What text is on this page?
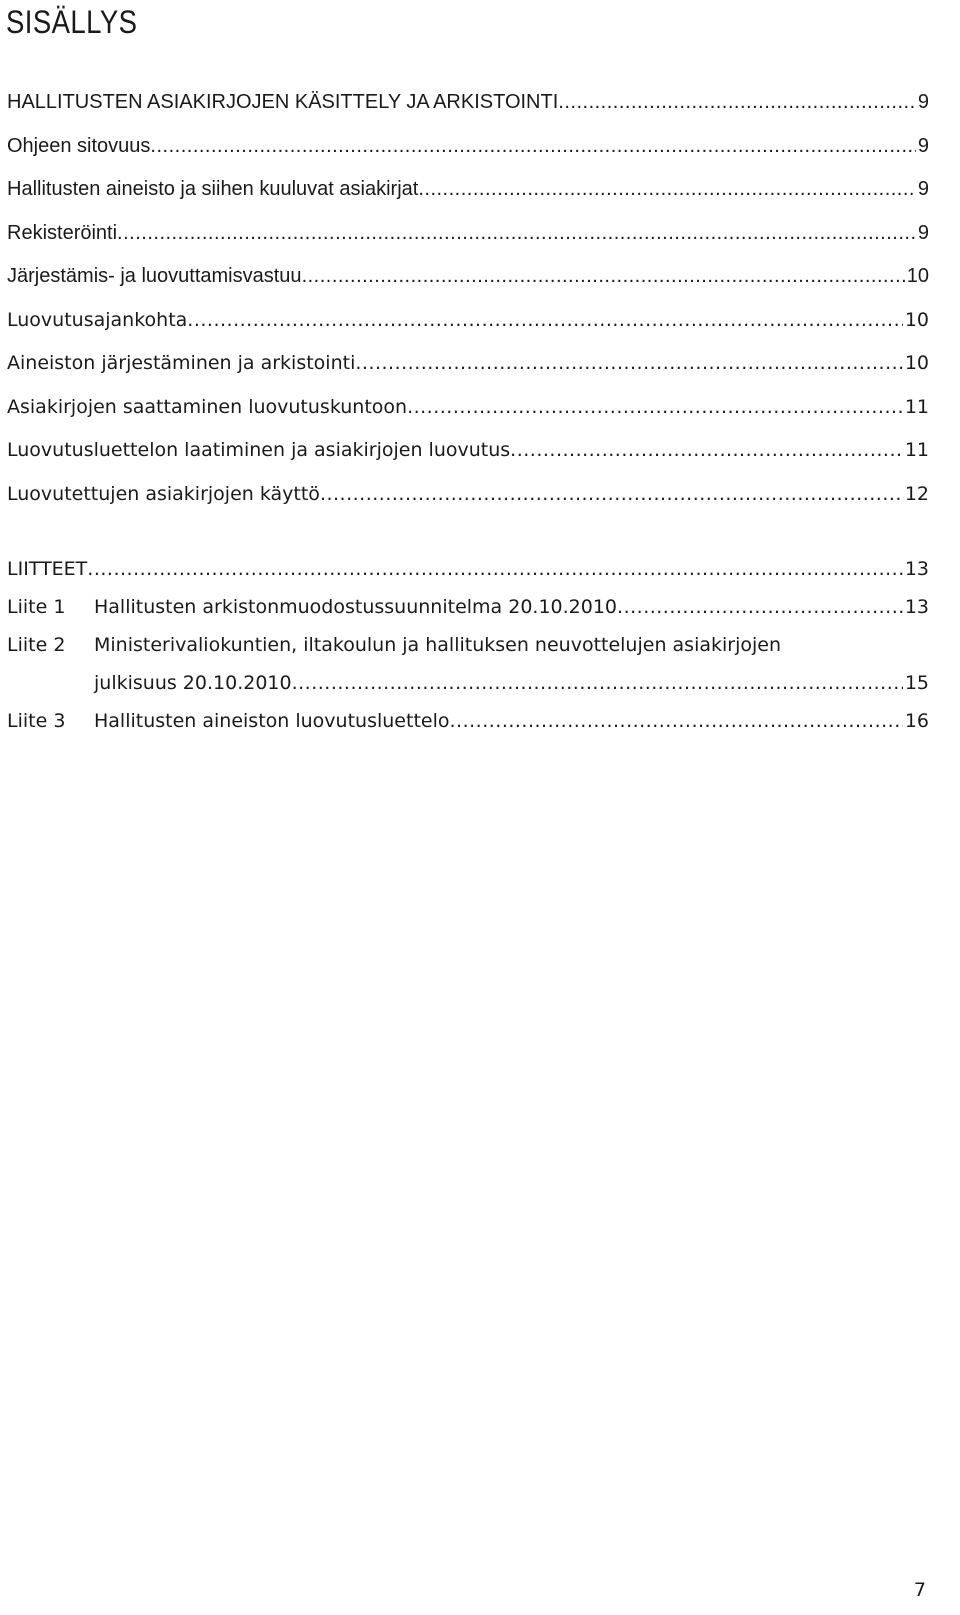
SISÄLLYS
HALLITUSTEN ASIAKIRJOJEN KÄSITTELY JA ARKISTOINTI .....	9
Ohjeen sitovuus .....	9
Hallitusten aineisto ja siihen kuuluvat asiakirjat .....	9
Rekisteröinti .....	9
Järjestämis- ja luovuttamisvastuu .....	10
Luovutusajankohta .....	10
Aineiston järjestäminen ja arkistointi .....	10
Asiakirjojen saattaminen luovutuskuntoon .....	11
Luovutusluettelon laatiminen ja asiakirjojen luovutus .....	11
Luovutettujen asiakirjojen käyttö .....	12
LIITTEET .....	13
Liite 1	Hallitusten arkistonmuodostussuunnitelma 20.10.2010 .....	13
Liite 2	Ministerivaliokuntien, iltakoulun ja hallituksen neuvottelujen asiakirjojen
julkisuus 20.10.2010 .....	15
Liite 3	Hallitusten aineiston luovutusluettelo .....	16
7
